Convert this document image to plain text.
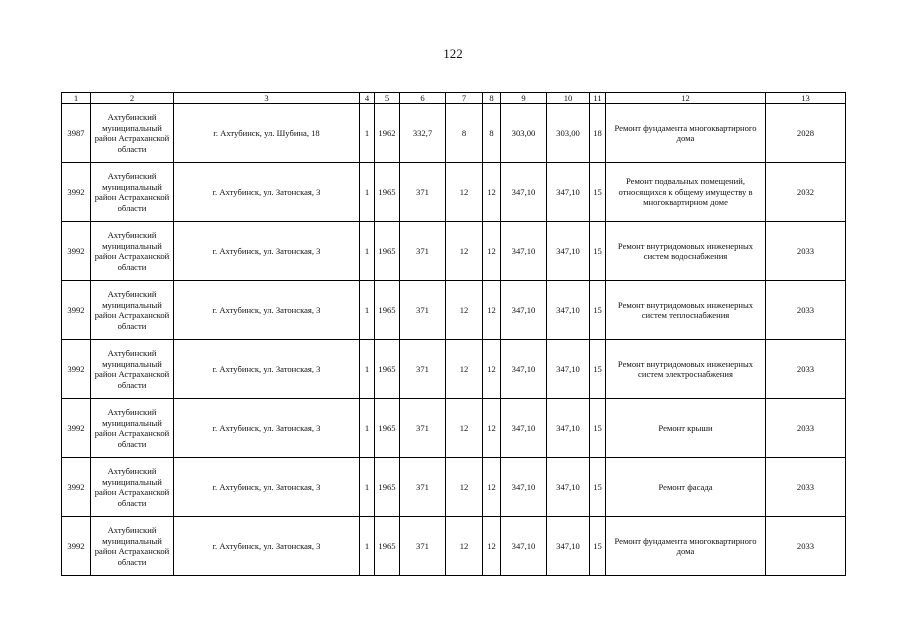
122
1	2	3	4	5	6	7	8	9	10	11	12	13
3987	Ахтубинский муниципальный район Астраханской области	г. Ахтубинск, ул. Шубина, 18	1	1962	332,7	8	8	303,00	303,00	18	Ремонт фундамента многоквартирного дома	2028
3992	Ахтубинский муниципальный район Астраханской области	г. Ахтубинск, ул. Затонская, 3	1	1965	371	12	12	347,10	347,10	15	Ремонт подвальных помещений, относящихся к общему имуществу в многоквартирном доме	2032
3992	Ахтубинский муниципальный район Астраханской области	г. Ахтубинск, ул. Затонская, 3	1	1965	371	12	12	347,10	347,10	15	Ремонт внутридомовых инженерных систем водоснабжения	2033
3992	Ахтубинский муниципальный район Астраханской области	г. Ахтубинск, ул. Затонская, 3	1	1965	371	12	12	347,10	347,10	15	Ремонт внутридомовых инженерных систем теплоснабжения	2033
3992	Ахтубинский муниципальный район Астраханской области	г. Ахтубинск, ул. Затонская, 3	1	1965	371	12	12	347,10	347,10	15	Ремонт внутридомовых инженерных систем электроснабжения	2033
3992	Ахтубинский муниципальный район Астраханской области	г. Ахтубинск, ул. Затонская, 3	1	1965	371	12	12	347,10	347,10	15	Ремонт крыши	2033
3992	Ахтубинский муниципальный район Астраханской области	г. Ахтубинск, ул. Затонская, 3	1	1965	371	12	12	347,10	347,10	15	Ремонт фасада	2033
3992	Ахтубинский муниципальный район Астраханской области	г. Ахтубинск, ул. Затонская, 3	1	1965	371	12	12	347,10	347,10	15	Ремонт фундамента многоквартирного дома	2033
